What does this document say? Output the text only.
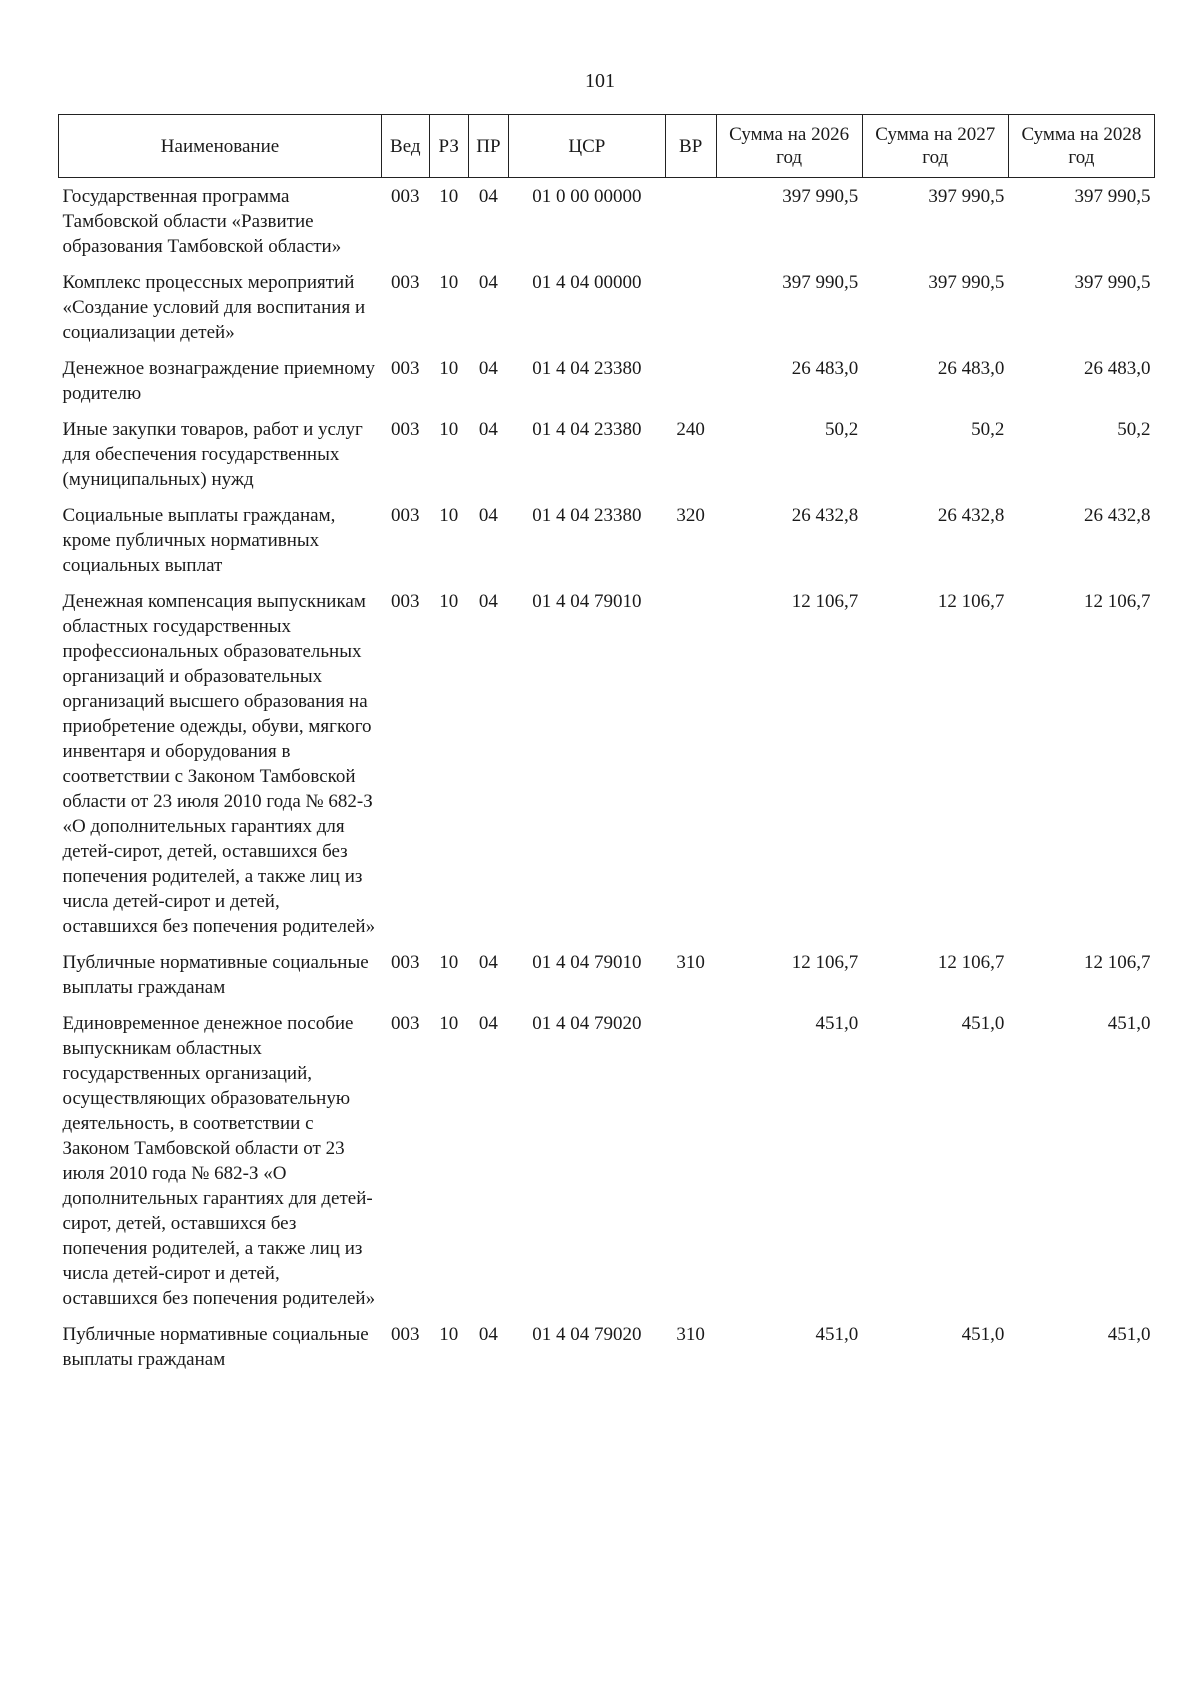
101
Наименование	Вед	РЗ	ПР	ЦСР	ВР	Сумма на 2026 год	Сумма на 2027 год	Сумма на 2028 год
Государственная программа Тамбовской области «Развитие образования Тамбовской области»	003	10	04	01 0 00 00000		397 990,5	397 990,5	397 990,5
Комплекс процессных мероприятий «Создание условий для воспитания и социализации детей»	003	10	04	01 4 04 00000		397 990,5	397 990,5	397 990,5
Денежное вознаграждение приемному родителю	003	10	04	01 4 04 23380		26 483,0	26 483,0	26 483,0
Иные закупки товаров, работ и услуг для обеспечения государственных (муниципальных) нужд	003	10	04	01 4 04 23380	240	50,2	50,2	50,2
Социальные выплаты гражданам, кроме публичных нормативных социальных выплат	003	10	04	01 4 04 23380	320	26 432,8	26 432,8	26 432,8
Денежная компенсация выпускникам областных государственных профессиональных образовательных организаций и образовательных организаций высшего образования на приобретение одежды, обуви, мягкого инвентаря и оборудования в соответствии с Законом Тамбовской области от 23 июля 2010 года № 682-З «О дополнительных гарантиях для детей-сирот, детей, оставшихся без попечения родителей, а также лиц из числа детей-сирот и детей, оставшихся без попечения родителей»	003	10	04	01 4 04 79010		12 106,7	12 106,7	12 106,7
Публичные нормативные социальные выплаты гражданам	003	10	04	01 4 04 79010	310	12 106,7	12 106,7	12 106,7
Единовременное денежное пособие выпускникам областных государственных организаций, осуществляющих образовательную деятельность, в соответствии с Законом Тамбовской области от 23 июля 2010 года № 682-З «О дополнительных гарантиях для детей-сирот, детей, оставшихся без попечения родителей, а также лиц из числа детей-сирот и детей, оставшихся без попечения родителей»	003	10	04	01 4 04 79020		451,0	451,0	451,0
Публичные нормативные социальные выплаты гражданам	003	10	04	01 4 04 79020	310	451,0	451,0	451,0
